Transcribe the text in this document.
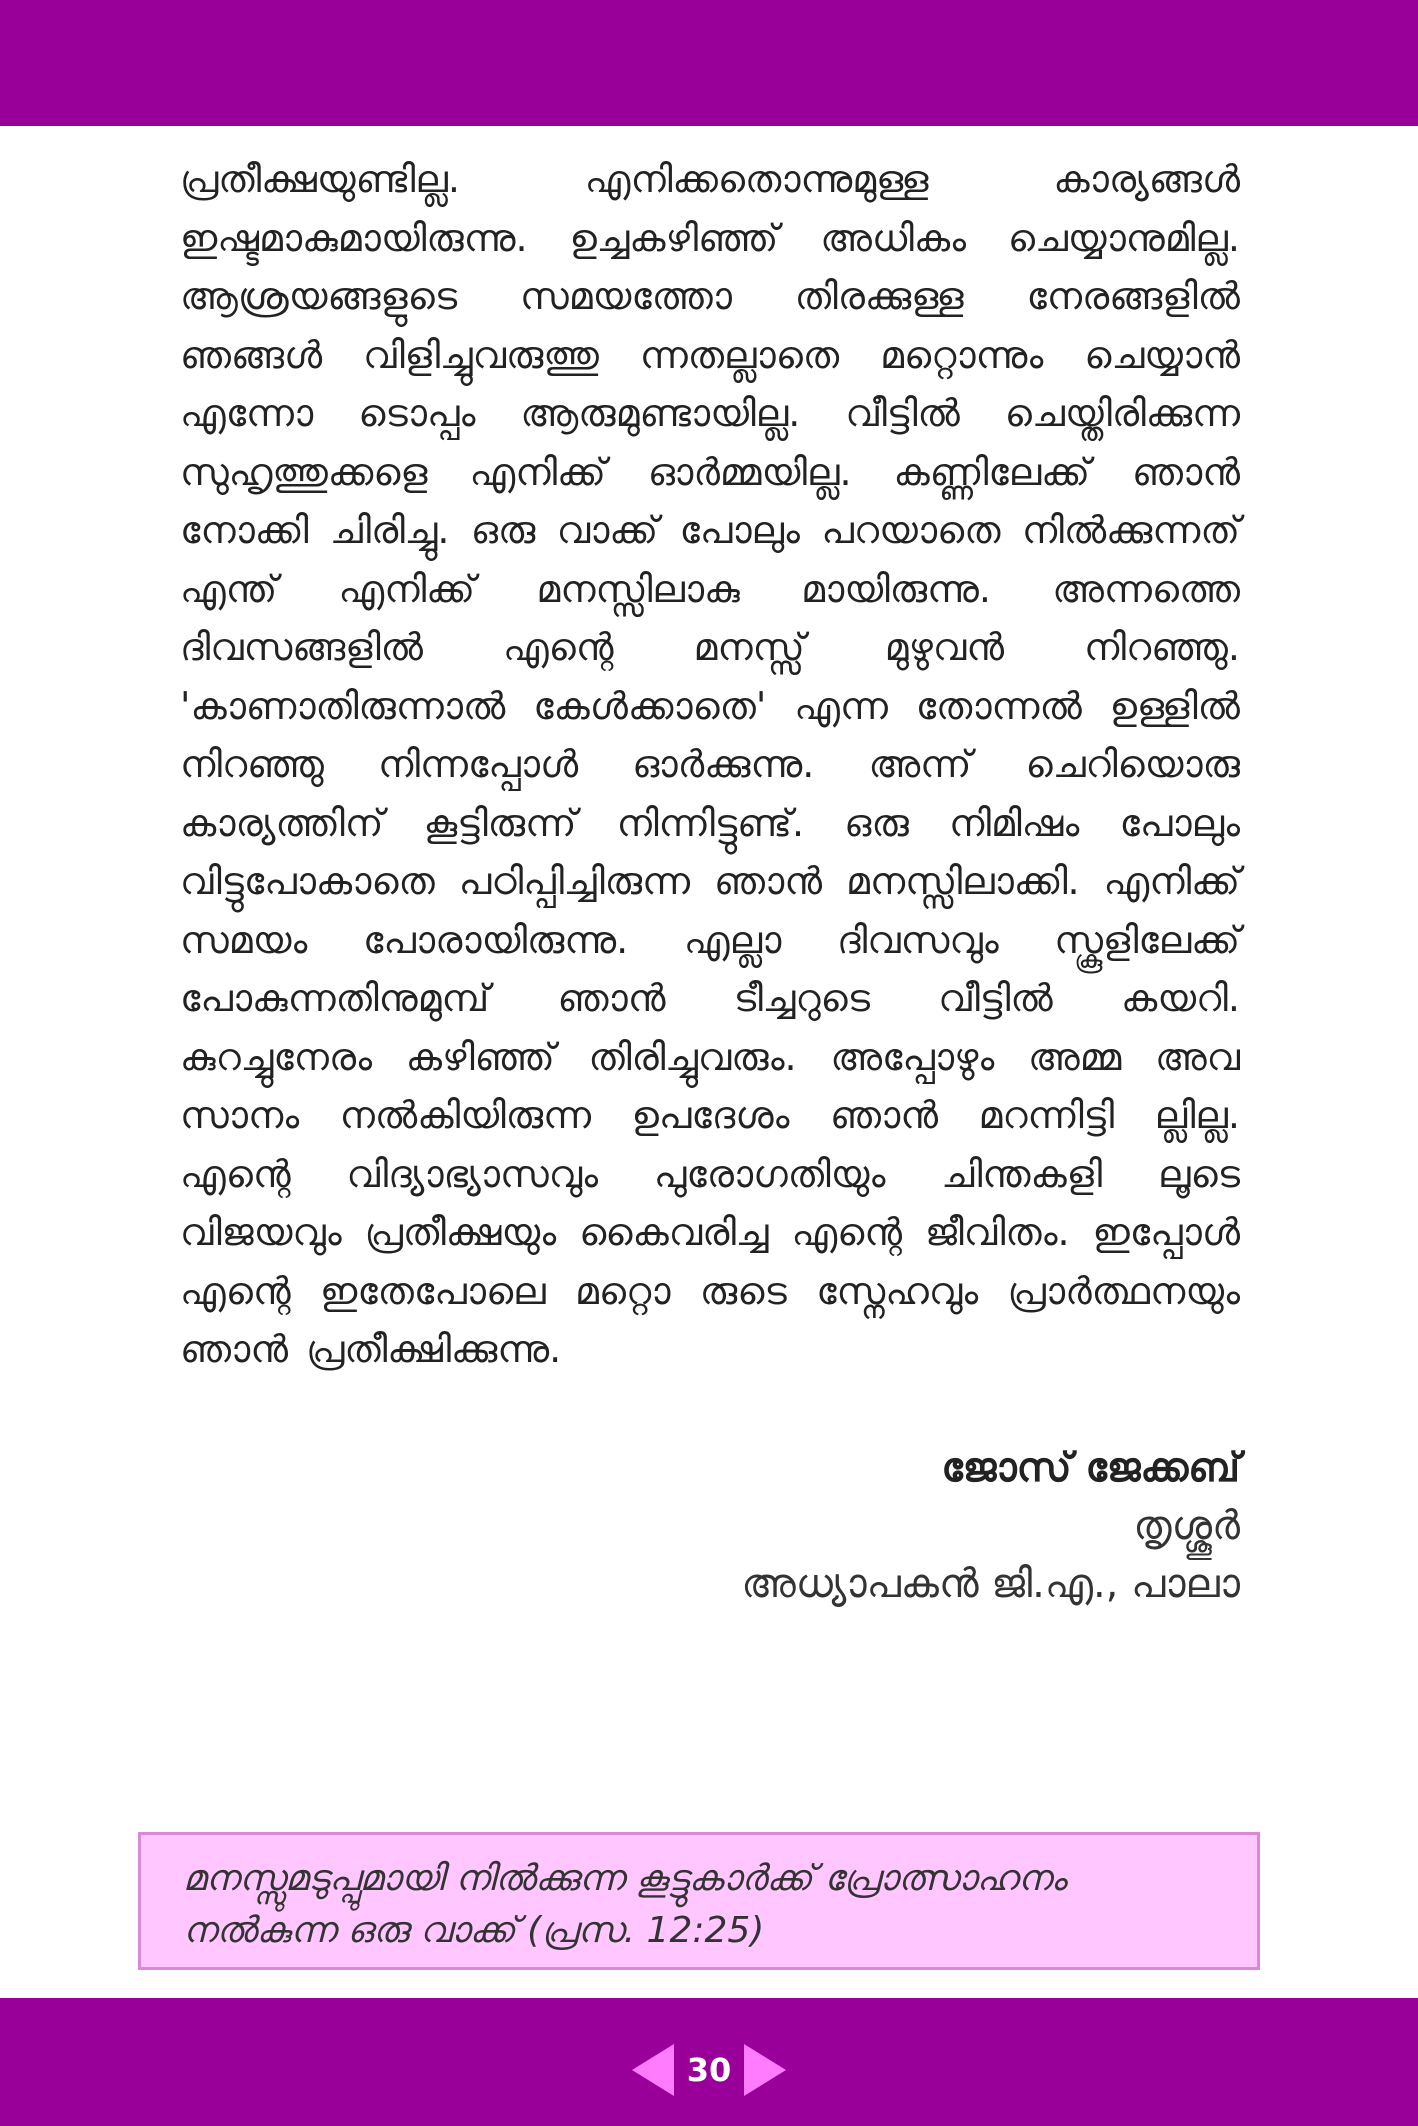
പ്രതീക്ഷയുണ്ടില്ല. എനിക്കതൊന്നുമുള്ള കാര്യങ്ങൾ ഇഷ്ടമാകുമായിരുന്നു. ഉച്ചകഴിഞ്ഞ് അധികം ചെയ്യാനുമില്ല. ആശ്രയങ്ങളുടെ സമയത്തോ തിരക്കുള്ള നേരങ്ങളിൽ ഞങ്ങൾ വിളിച്ചുവരുത്തു ന്നതല്ലാതെ മറ്റൊന്നും ചെയ്യാൻ എന്നോ ടൊപ്പം ആരുമുണ്ടായില്ല. വീട്ടിൽ ചെയ്തിരിക്കുന്ന സുഹൃത്തുക്കളെ എനിക്ക് ഓർമ്മയില്ല. കണ്ണിലേക്ക് ഞാൻ നോക്കി ചിരിച്ചു. ഒരു വാക്ക് പോലും പറയാതെ നിൽക്കുന്നത് എന്ത് എനിക്ക് മനസ്സിലാകു മായിരുന്നു. അന്നത്തെ ദിവസങ്ങളിൽ എന്റെ മനസ്സ് മുഴുവൻ നിറഞ്ഞു. 'കാണാതിരുന്നാൽ കേൾക്കാതെ' എന്ന തോന്നൽ ഉള്ളിൽ നിറഞ്ഞു നിന്നപ്പോൾ ഓർക്കുന്നു. അന്ന് ചെറിയൊരു കാര്യത്തിന് കൂട്ടിരുന്ന് നിന്നിട്ടുണ്ട്. ഒരു നിമിഷം പോലും വിട്ടുപോകാതെ പഠിപ്പിച്ചിരുന്ന ഞാൻ മനസ്സിലാക്കി. എനിക്ക് സമയം പോരായിരുന്നു. എല്ലാ ദിവസവും സ്കൂളിലേക്ക് പോകുന്നതിനുമുമ്പ് ഞാൻ ടീച്ചറുടെ വീട്ടിൽ കയറി. കുറച്ചുനേരം കഴിഞ്ഞ് തിരിച്ചുവരും. അപ്പോഴും അമ്മ അവ സാനം നൽകിയിരുന്ന ഉപദേശം ഞാൻ മറന്നിട്ടി ല്ലില്ല. എന്റെ വിദ്യാഭ്യാസവും പുരോഗതിയും ചിന്തകളി ലൂടെ വിജയവും പ്രതീക്ഷയും കൈവരിച്ച എന്റെ ജീവിതം. ഇപ്പോൾ എന്റെ ഇതേപോലെ മറ്റൊ രുടെ സ്നേഹവും പ്രാർത്ഥനയും ഞാൻ പ്രതീക്ഷിക്കുന്നു.

ജോസ് ജേക്കബ്
തൃശ്ശൂർ
അധ്യാപകൻ ജി.എ., പാലാ
മനസ്സുമടുപ്പുമായി നിൽക്കുന്ന കൂട്ടുകാർക്ക് പ്രോത്സാഹനം നൽകുന്ന ഒരു വാക്ക് (പ്രസ. 12:25)
30
